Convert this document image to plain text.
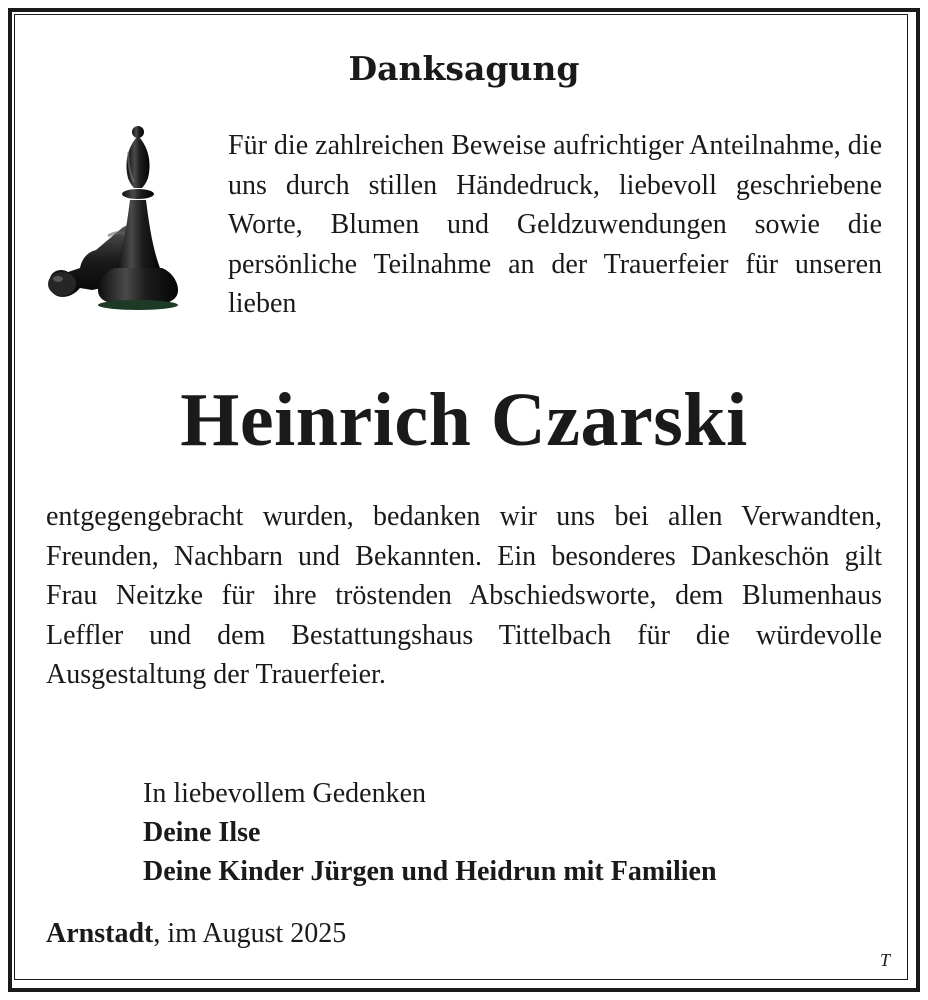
Danksagung

Für die zahlreichen Beweise aufrichtiger Anteilnahme, die uns durch stillen Händedruck, liebevoll geschriebene Worte, Blumen und Geldzuwendungen sowie die persönliche Teilnahme an der Trauerfeier für unseren lieben

Heinrich Czarski

entgegengebracht wurden, bedanken wir uns bei allen Verwandten, Freunden, Nachbarn und Bekannten. Ein besonderes Dankeschön gilt Frau Neitzke für ihre tröstenden Abschiedsworte, dem Blumenhaus Leffler und dem Bestattungshaus Tittelbach für die würdevolle Ausgestaltung der Trauerfeier.

In liebevollem Gedenken
Deine Ilse
Deine Kinder Jürgen und Heidrun mit Familien
Arnstadt, im August 2025
T
